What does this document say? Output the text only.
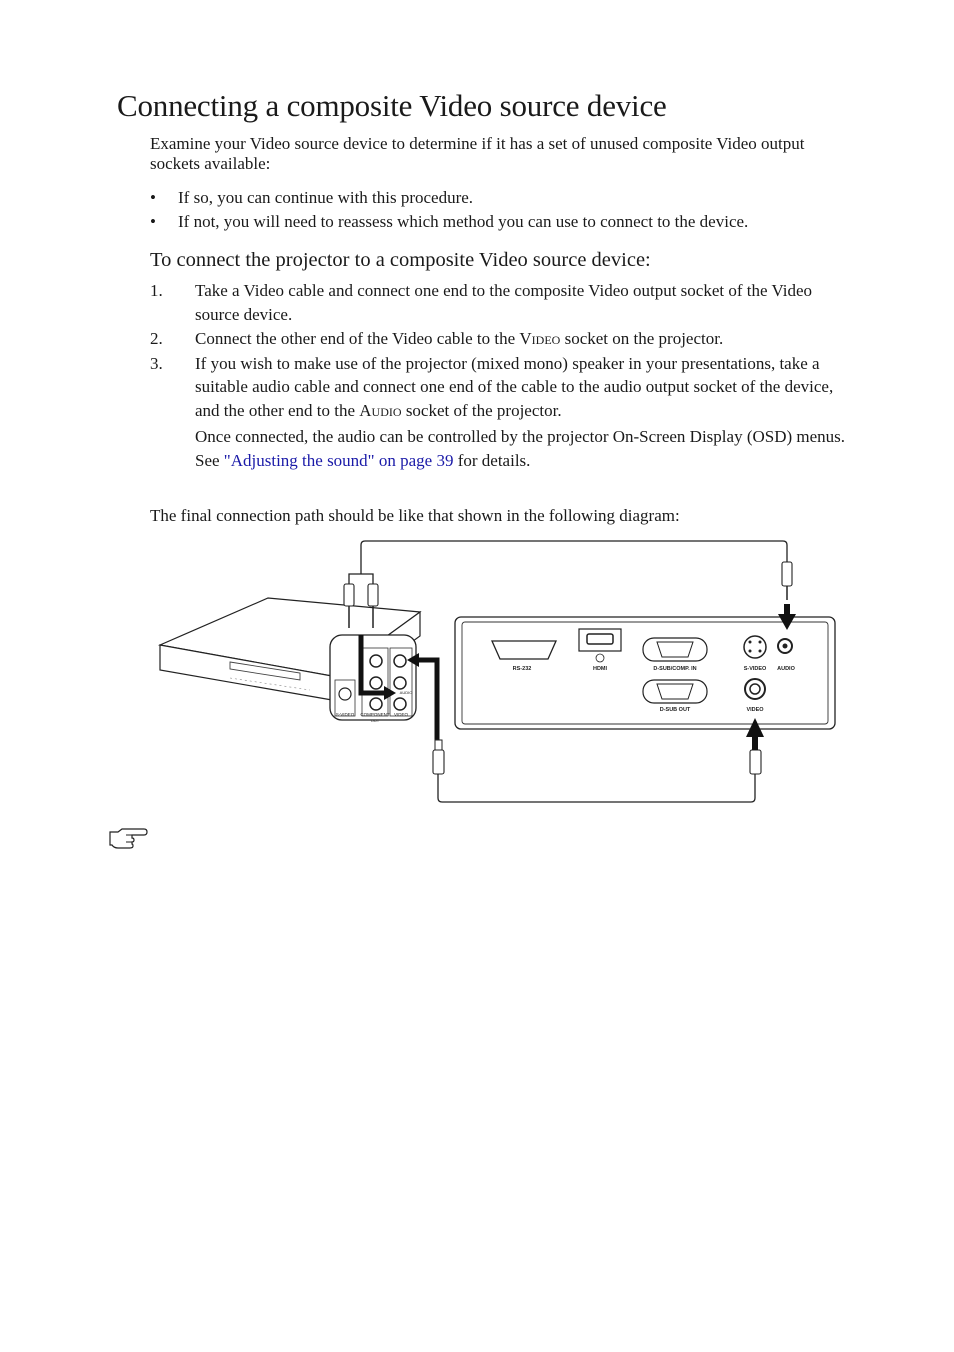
Connecting a composite Video source device
Examine your Video source device to determine if it has a set of unused composite Video output sockets available:
• If so, you can continue with this procedure.
• If not, you will need to reassess which method you can use to connect to the device.
To connect the projector to a composite Video source device:
1. Take a Video cable and connect one end to the composite Video output socket of the Video source device.
2. Connect the other end of the Video cable to the Video socket on the projector.
3. If you wish to make use of the projector (mixed mono) speaker in your presentations, take a suitable audio cable and connect one end of the cable to the audio output socket of the device, and the other end to the Audio socket of the projector.
Once connected, the audio can be controlled by the projector On-Screen Display (OSD) menus. See "Adjusting the sound" on page 39 for details.
The final connection path should be like that shown in the following diagram:
S-VIDEO COMPONENT VIDEO
AUDIO
OUT
RS-232	HDMI	D-SUB/COMP. IN
D-SUB OUT
S-VIDEO AUDIO
VIDEO
